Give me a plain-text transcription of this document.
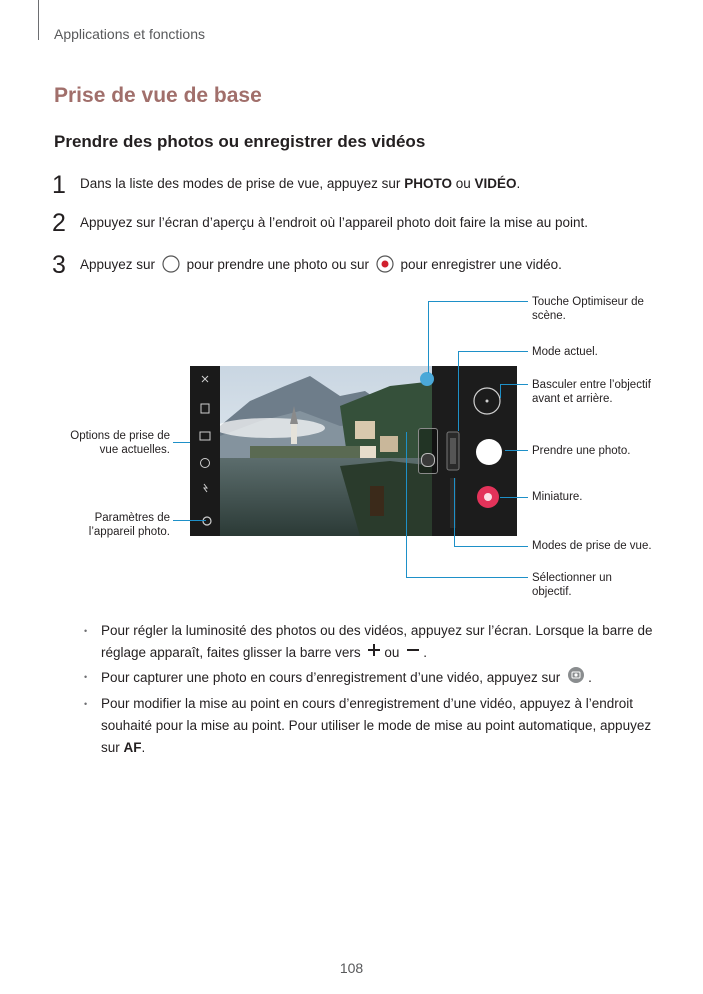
Applications et fonctions
Prise de vue de base
Prendre des photos ou enregistrer des vidéos
1 Dans la liste des modes de prise de vue, appuyez sur PHOTO ou VIDÉO.
2 Appuyez sur l’écran d’aperçu à l’endroit où l’appareil photo doit faire la mise au point.
3 Appuyez sur pour prendre une photo ou sur pour enregistrer une vidéo.
Touche Optimiseur de scène.
Mode actuel.
Basculer entre l’objectif avant et arrière.
Prendre une photo.
Miniature.
Modes de prise de vue.
Sélectionner un objectif.
Options de prise de vue actuelles.
Paramètres de l’appareil photo.
• Pour régler la luminosité des photos ou des vidéos, appuyez sur l’écran. Lorsque la barre de réglage apparaît, faites glisser la barre vers ou .
• Pour capturer une photo en cours d’enregistrement d’une vidéo, appuyez sur .
• Pour modifier la mise au point en cours d’enregistrement d’une vidéo, appuyez à l’endroit souhaité pour la mise au point. Pour utiliser le mode de mise au point automatique, appuyez sur AF.
108
